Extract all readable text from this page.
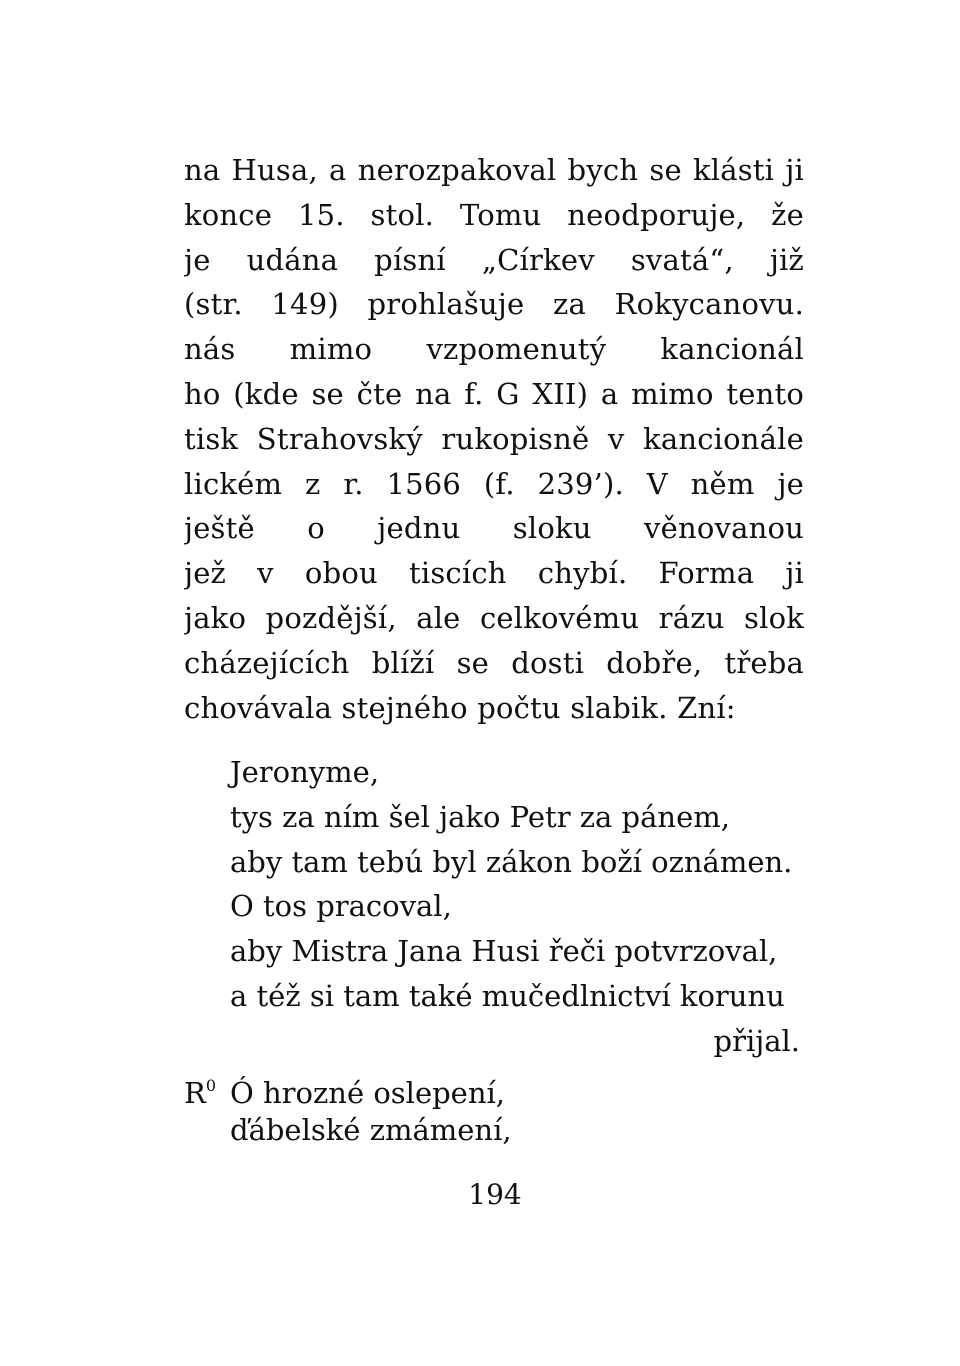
na Husa, a nerozpakoval bych se klásti ji
konce 15. stol. Tomu neodporuje, že
je udána písní „Církev svatá“, již
(str. 149) prohlašuje za Rokycanovu.
nás mimo vzpomenutý kancionál
ho (kde se čte na f. G XII) a mimo tento
tisk Strahovský rukopisně v kancionále
lickém z r. 1566 (f. 239’). V něm je
ještě o jednu sloku věnovanou
jež v obou tiscích chybí. Forma ji
jako pozdější, ale celkovému rázu slok
cházejících blíží se dosti dobře, třeba
chovávala stejného počtu slabik. Zní:
Jeronyme,
tys za ním šel jako Petr za pánem,
aby tam tebú byl zákon boží oznámen.
O tos pracoval,
aby Mistra Jana Husi řeči potvrzoval,
a též si tam také mučedlnictví korunu
přijal.
$R^0$ Ó hrozné oslepení,
ďábelské zmámení,
194
